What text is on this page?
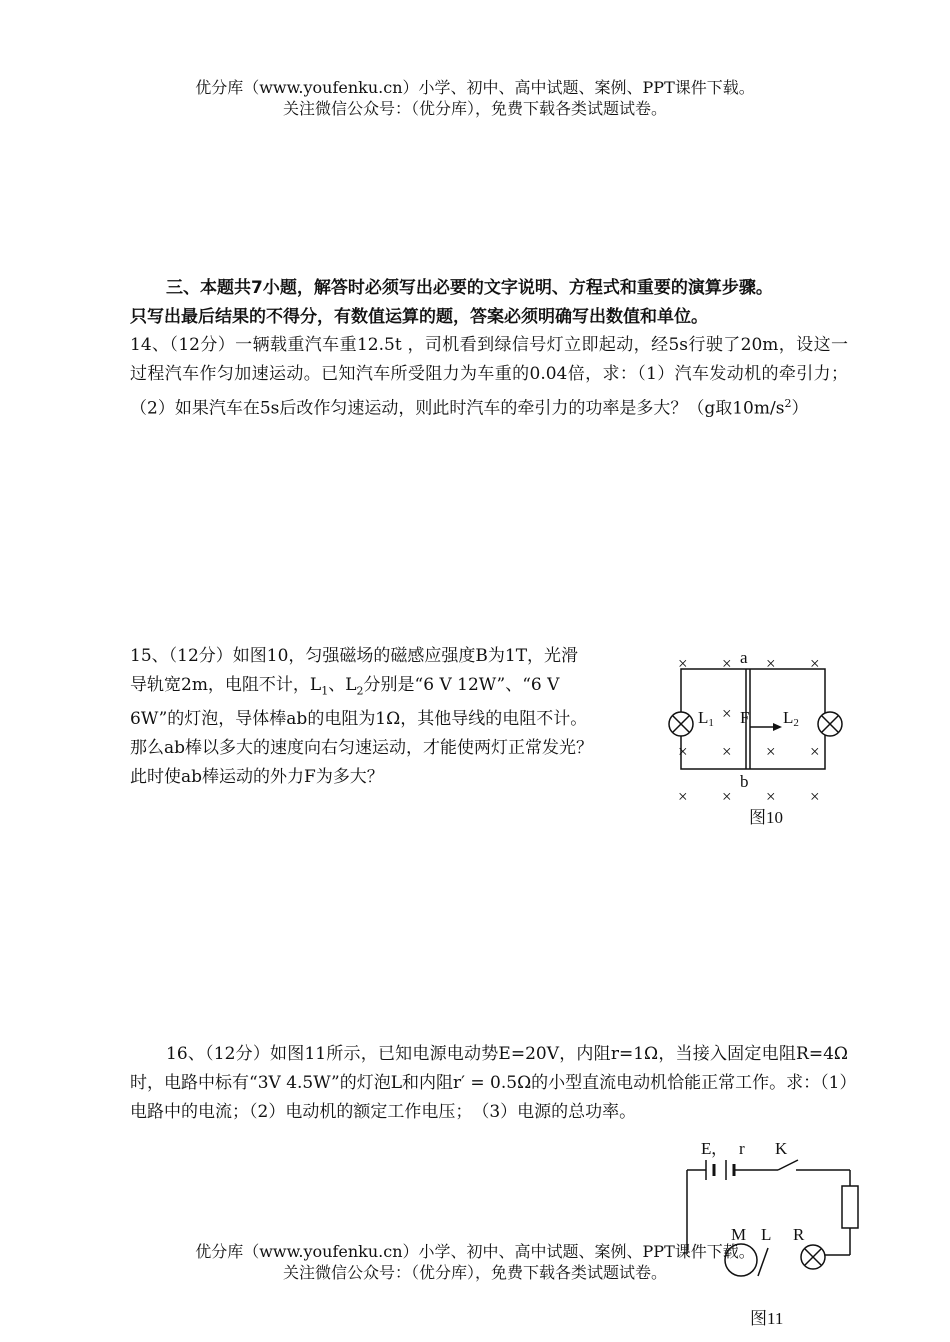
优分库（www.youfenku.cn）小学、初中、高中试题、案例、PPT课件下载。
关注微信公众号：（优分库），免费下载各类试题试卷。
三、本题共7小题，解答时必须写出必要的文字说明、方程式和重要的演算步骤。
只写出最后结果的不得分，有数值运算的题，答案必须明确写出数值和单位。
14、（12分）一辆载重汽车重12.5t ，司机看到绿信号灯立即起动，经5s行驶了20m，设这一过程汽车作匀加速运动。已知汽车所受阻力为车重的0.04倍，求：（1）汽车发动机的牵引力；（2）如果汽车在5s后改作匀速运动，则此时汽车的牵引力的功率是多大？（g取$10m/s^2$）
15、（12分）如图10，匀强磁场的磁感应强度B为1T，光滑
导轨宽2m，电阻不计，$L_1$、$L_2$分别是“6 V 12W”、“6 V
6W”的灯泡，导体棒ab的电阻为1Ω，其他导线的电阻不计。
那么ab棒以多大的速度向右匀速运动，才能使两灯正常发光？
此时使ab棒运动的外力F为多大？
× × × ×
×
× × × ×
× × × ×
a
b
L1	L2
F
图10
16、（12分）如图11所示，已知电源电动势E=20V，内阻r=1Ω，当接入固定电阻R=4Ω时，电路中标有“3V 4.5W”的灯泡L和内阻r′ = 0.5Ω的小型直流电动机恰能正常工作。求：（1）电路中的电流；（2）电动机的额定工作电压；　（3）电源的总功率。
M L R
E ， r K
图11
优分库（www.youfenku.cn）小学、初中、高中试题、案例、PPT课件下载。
关注微信公众号：（优分库），免费下载各类试题试卷。
